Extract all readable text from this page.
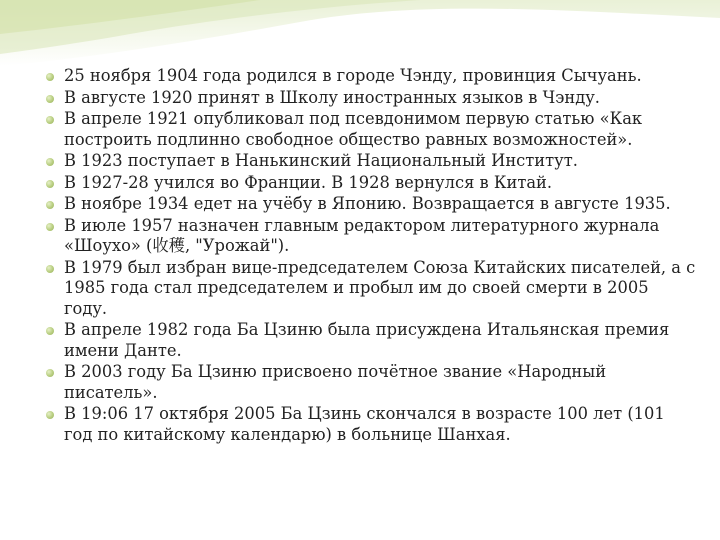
25 ноября 1904 года родился в городе Чэнду, провинция Сычуань.
В августе 1920 принят в Школу иностранных языков в Чэнду.
В апреле 1921 опубликовал под псевдонимом первую статью «Как построить подлинно свободное общество равных возможностей».
В 1923 поступает в Нанькинский Национальный Институт.
В 1927-28 учился во Франции. В 1928 вернулся в Китай.
В ноябре 1934 едет на учёбу в Японию. Возвращается в августе 1935.
В июле 1957 назначен главным редактором литературного журнала «Шоухо» (收穫, "Урожай").
В 1979 был избран вице-председателем Союза Китайских писателей, а с 1985 года стал председателем и пробыл им до своей смерти в 2005 году.
В апреле 1982 года Ба Цзиню была присуждена Итальянская премия имени Данте.
В 2003 году Ба Цзиню присвоено почётное звание «Народный писатель».
В 19:06 17 октября 2005 Ба Цзинь скончался в возрасте 100 лет (101 год по китайскому календарю) в больнице Шанхая.
